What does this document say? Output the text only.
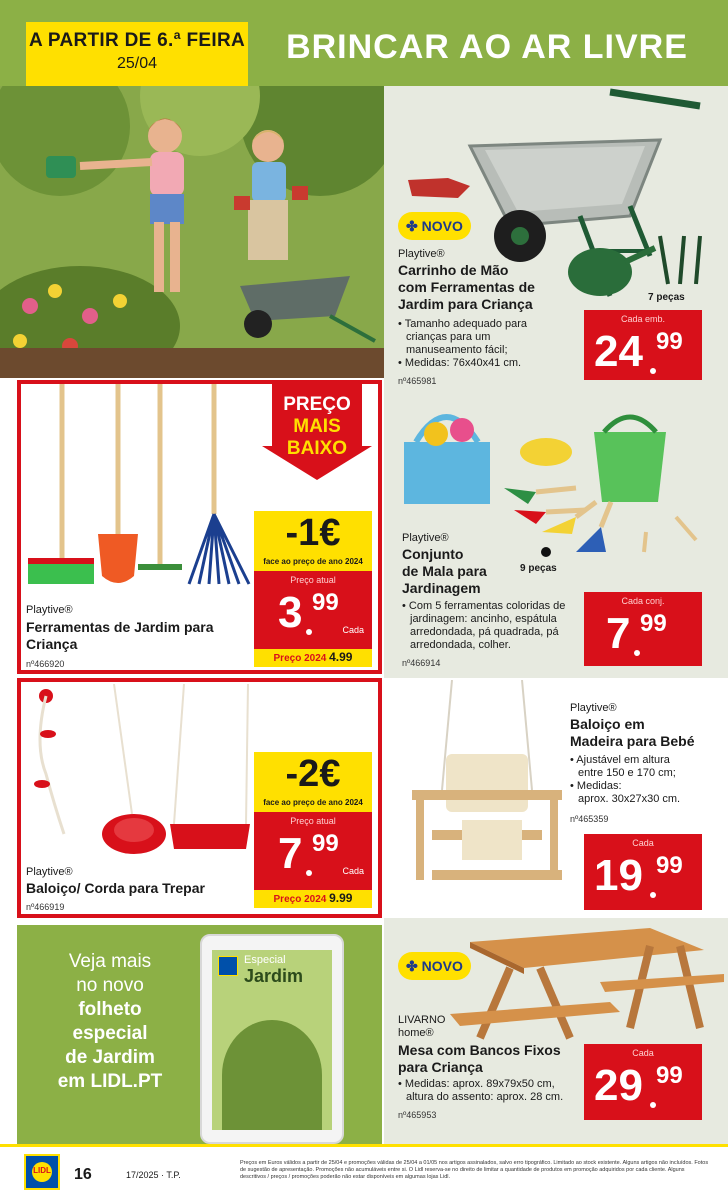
A PARTIR DE 6.ª FEIRA
25/04	BRINCAR AO AR LIVRE
✤ NOVO
7 peças
Playtive®
Carrinho de Mão
com Ferramentas de
Jardim para Criança
• Tamanho adequado para
crianças para um
manuseamento fácil;
• Medidas: 76x40x41 cm.
nº465981
Cada emb.
24 99
PREÇO
MAIS
BAIXO
-1€
face ao preço de ano 2024
Preço atual
3 99
Cada
Preço 2024 4.99
Playtive®
Ferramentas de Jardim para
Criança
nº466920
9 peças
Playtive®
Conjunto
de Mala para
Jardinagem
• Com 5 ferramentas coloridas de
jardinagem: ancinho, espátula
arredondada, pá quadrada, pá
arredondada, colher.
nº466914
Cada conj.
7 99
-2€
face ao preço de ano 2024
Preço atual
7 99
Cada
Preço 2024 9.99
Playtive®
Baloiço/ Corda para Trepar
nº466919
Playtive®
Baloiço em
Madeira para Bebé
• Ajustável em altura
entre 150 e 170 cm;
• Medidas:
aprox. 30x27x30 cm.
nº465359
Cada
19 99
✤ NOVO
LIVARNO
home®
Mesa com Bancos Fixos
para Criança
• Medidas: aprox. 89x79x50 cm,
altura do assento: aprox. 28 cm.
nº465953
Cada
29 99
Veja mais
no novo
folheto
especial
de Jardim
em LIDL.PT
Especial
Jardim
LIDL	16	17/2025 · T.P.
Preços em Euros válidos a partir de 25/04 e promoções válidas de 25/04 a 01/05 nos artigos assinalados, salvo erro tipográfico. Limitado ao stock existente. Alguns artigos não incluídos. Fotos de sugestão de apresentação. Promoções não acumuláveis entre si. O Lidl reserva-se no direito de limitar a quantidade de produtos em promoção adquiridos por cada cliente. Alguns descritivos / preços / promoções poderão não estar disponíveis em algumas lojas Lidl.
